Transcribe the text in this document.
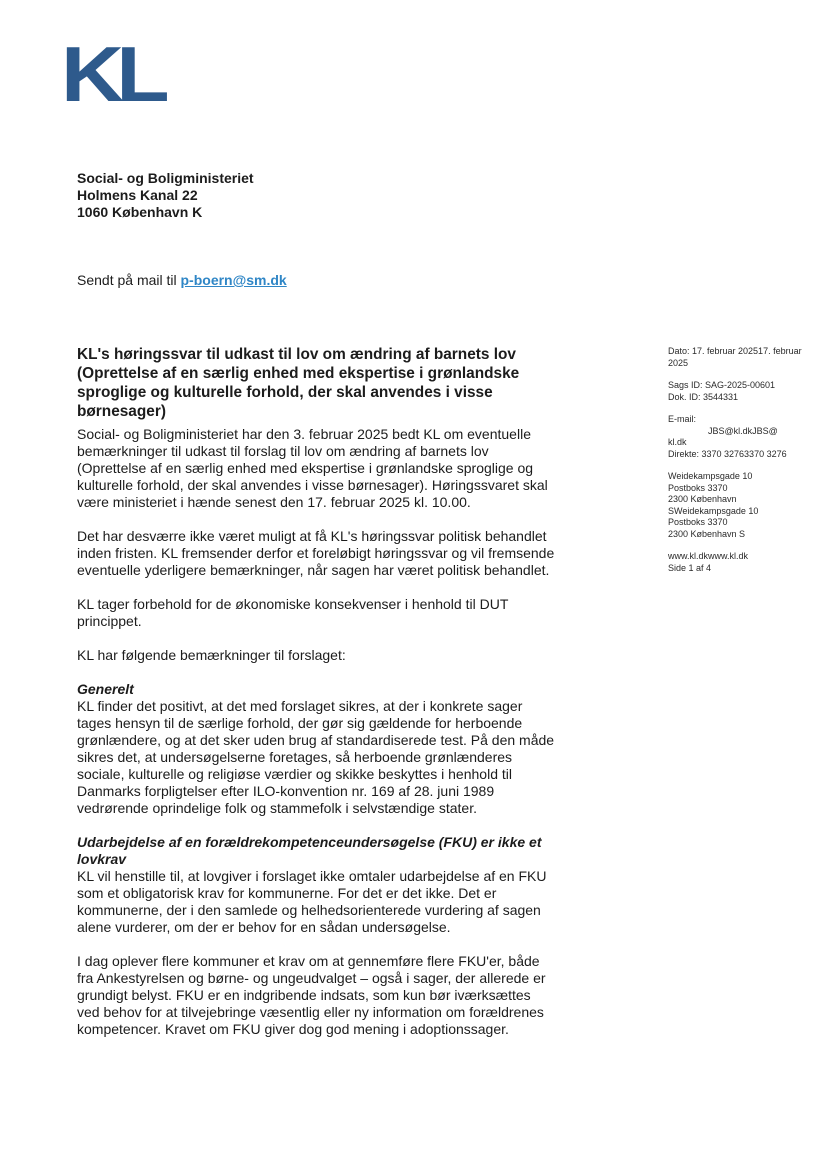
KL
Social- og Boligministeriet
Holmens Kanal 22
1060 København K
Sendt på mail til p-boern@sm.dk
KL's høringssvar til udkast til lov om ændring af barnets lov (Oprettelse af en særlig enhed med ekspertise i grønlandske sproglige og kulturelle forhold, der skal anvendes i visse børnesager)

Social- og Boligministeriet har den 3. februar 2025 bedt KL om eventuelle bemærkninger til udkast til forslag til lov om ændring af barnets lov (Oprettelse af en særlig enhed med ekspertise i grønlandske sproglige og kulturelle forhold, der skal anvendes i visse børnesager). Høringssvaret skal være ministeriet i hænde senest den 17. februar 2025 kl. 10.00.

Det har desværre ikke været muligt at få KL's høringssvar politisk behandlet inden fristen. KL fremsender derfor et foreløbigt høringssvar og vil fremsende eventuelle yderligere bemærkninger, når sagen har været politisk behandlet.

KL tager forbehold for de økonomiske konsekvenser i henhold til DUT princippet.

KL har følgende bemærkninger til forslaget:

Generelt
KL finder det positivt, at det med forslaget sikres, at der i konkrete sager tages hensyn til de særlige forhold, der gør sig gældende for herboende grønlændere, og at det sker uden brug af standardiserede test. På den måde sikres det, at undersøgelserne foretages, så herboende grønlænderes sociale, kulturelle og religiøse værdier og skikke beskyttes i henhold til Danmarks forpligtelser efter ILO-konvention nr. 169 af 28. juni 1989 vedrørende oprindelige folk og stammefolk i selvstændige stater.
Udarbejdelse af en forældrekompetenceundersøgelse (FKU) er ikke et lovkrav
KL vil henstille til, at lovgiver i forslaget ikke omtaler udarbejdelse af en FKU som et obligatorisk krav for kommunerne. For det er det ikke. Det er kommunerne, der i den samlede og helhedsorienterede vurdering af sagen alene vurderer, om der er behov for en sådan undersøgelse.

I dag oplever flere kommuner et krav om at gennemføre flere FKU'er, både fra Ankestyrelsen og børne- og ungeudvalget – også i sager, der allerede er grundigt belyst. FKU er en indgribende indsats, som kun bør iværksættes ved behov for at tilvejebringe væsentlig eller ny information om forældrenes kompetencer. Kravet om FKU giver dog god mening i adoptionssager.

Dato: 17. februar 202517. februar 2025
Sags ID: SAG-2025-00601
Dok. ID: 3544331
E-mail:
JBS@kl.dkJBS@
kl.dk
Direkte: 3370 32763370 3276
Weidekampsgade 10
Postboks 3370
2300 København
SWeidekampsgade 10
Postboks 3370
2300 København S
www.kl.dkwww.kl.dk
Side 1 af 4
